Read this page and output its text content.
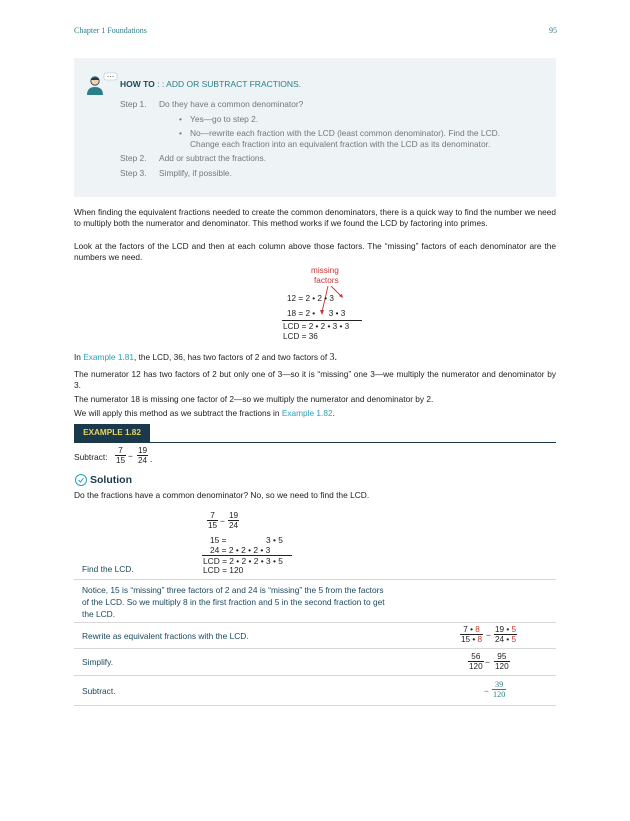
Chapter 1 Foundations	95
HOW TO : : ADD OR SUBTRACT FRACTIONS.
Step 1. Do they have a common denominator?
• Yes—go to step 2.
• No—rewrite each fraction with the LCD (least common denominator). Find the LCD.
Change each fraction into an equivalent fraction with the LCD as its denominator.
Step 2. Add or subtract the fractions.
Step 3. Simplify, if possible.
When finding the equivalent fractions needed to create the common denominators, there is a quick way to find the number we need to multiply both the numerator and denominator. This method works if we found the LCD by factoring into primes.
Look at the factors of the LCD and then at each column above those factors. The “missing” factors of each denominator are the numbers we need.
missing
factors
12 = 2 • 2 • 3
18 = 2 •      3 • 3
LCD = 2 • 2 • 3 • 3
LCD = 36
In Example 1.81, the LCD, 36, has two factors of 2 and two factors of 3.
The numerator 12 has two factors of 2 but only one of 3—so it is “missing” one 3—we multiply the numerator and denominator by 3.
The numerator 18 is missing one factor of 2—so we multiply the numerator and denominator by 2.
We will apply this method as we subtract the fractions in Example 1.82.
EXAMPLE 1.82
Subtract: $\frac{7}{15} - \frac{19}{24}$ .
Solution
Do the fractions have a common denominator? No, so we need to find the LCD.
$\frac{7}{15} - \frac{19}{24}$
15 =	3 • 5
24 = 2 • 2 • 2 • 3
LCD = 2 • 2 • 2 • 3 • 5
LCD = 120
Find the LCD.
Notice, 15 is “missing” three factors of 2 and 24 is “missing” the 5 from the factors
of the LCD. So we multiply 8 in the first fraction and 5 in the second fraction to get
the LCD.
Rewrite as equivalent fractions with the LCD.	$\frac{7 • 8}{15 • 8} - \frac{19 • 5}{24 • 5}$
Simplify.	$\frac{56}{120} - \frac{95}{120}$
Subtract.	− $\frac{39}{120}$
